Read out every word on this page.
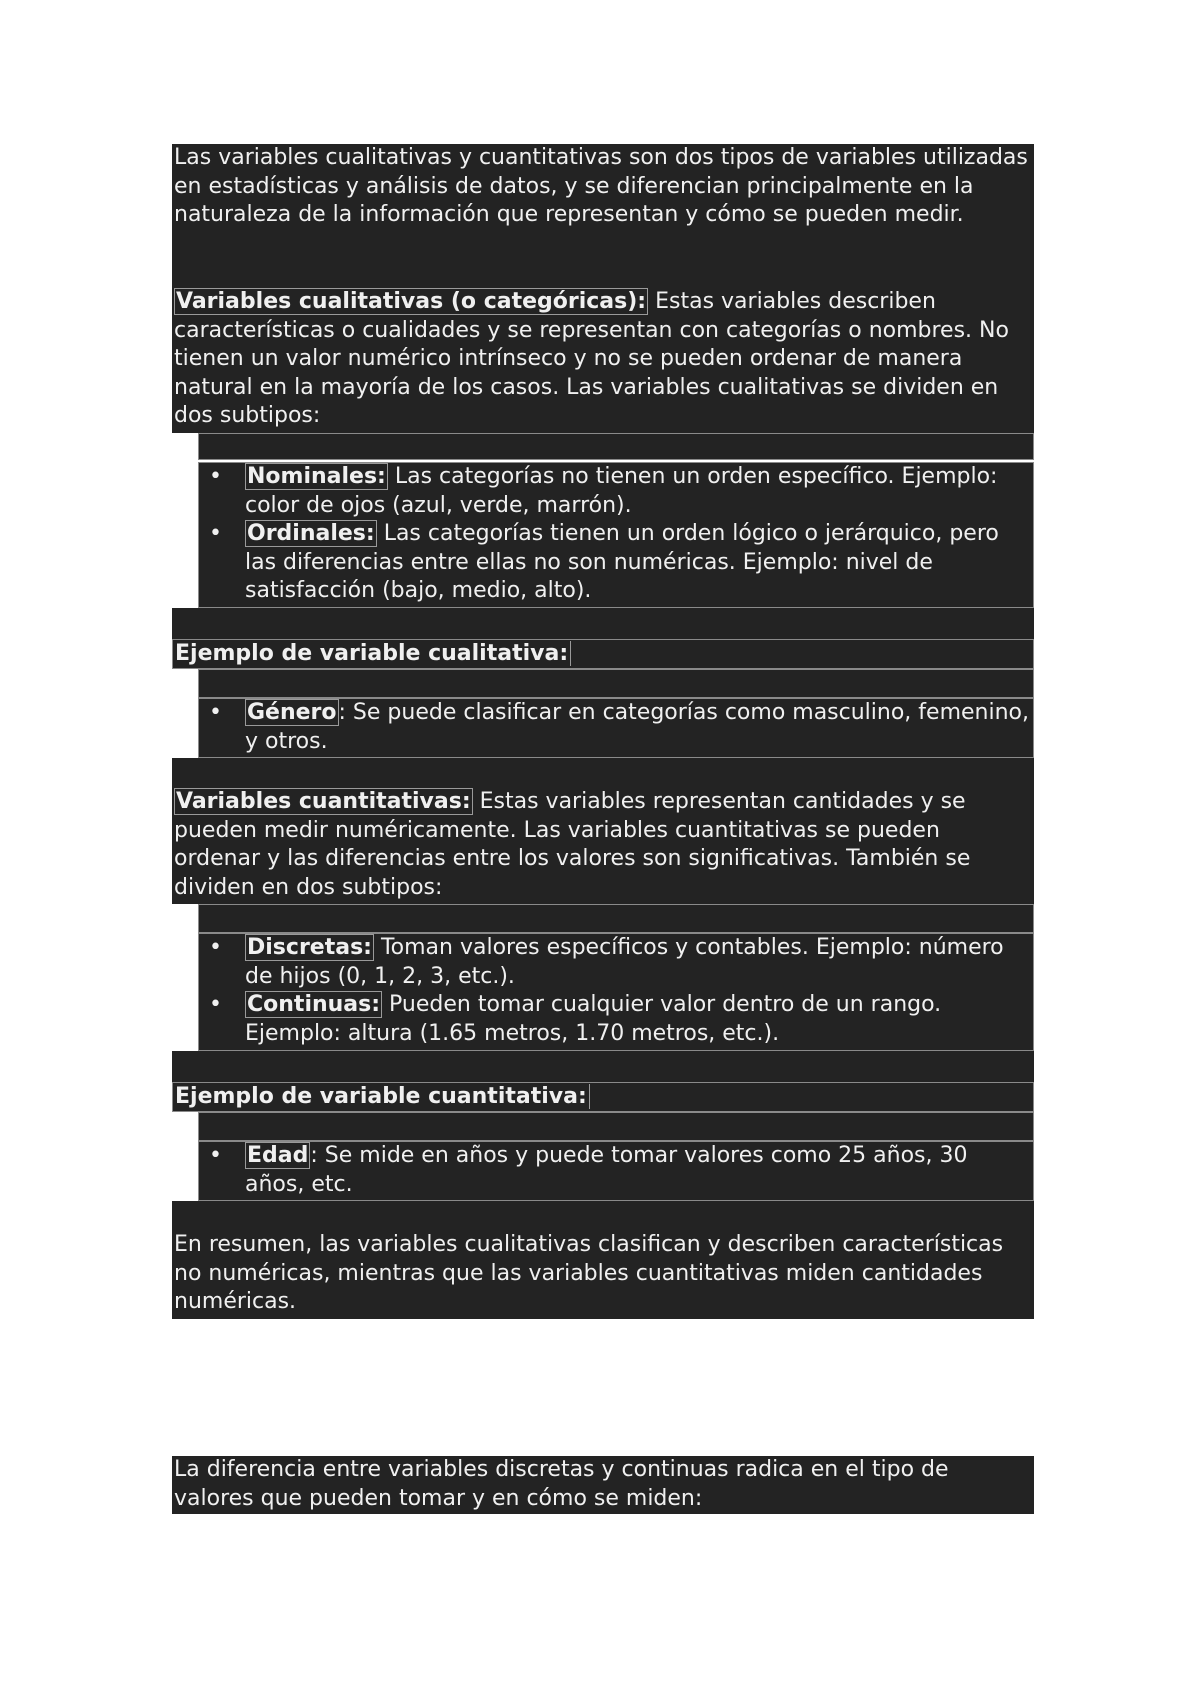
Las variables cualitativas y cuantitativas son dos tipos de variables utilizadas en estadísticas y análisis de datos, y se diferencian principalmente en la naturaleza de la información que representan y cómo se pueden medir.

Variables cualitativas (o categóricas): Estas variables describen características o cualidades y se representan con categorías o nombres. No tienen un valor numérico intrínseco y no se pueden ordenar de manera natural en la mayoría de los casos. Las variables cualitativas se dividen en dos subtipos:

• Nominales: Las categorías no tienen un orden específico. Ejemplo: color de ojos (azul, verde, marrón).
• Ordinales: Las categorías tienen un orden lógico o jerárquico, pero las diferencias entre ellas no son numéricas. Ejemplo: nivel de satisfacción (bajo, medio, alto).
Ejemplo de variable cualitativa:
• Género: Se puede clasificar en categorías como masculino, femenino, y otros.

Variables cuantitativas: Estas variables representan cantidades y se pueden medir numéricamente. Las variables cuantitativas se pueden ordenar y las diferencias entre los valores son significativas. También se dividen en dos subtipos:

• Discretas: Toman valores específicos y contables. Ejemplo: número de hijos (0, 1, 2, 3, etc.).
• Continuas: Pueden tomar cualquier valor dentro de un rango. Ejemplo: altura (1.65 metros, 1.70 metros, etc.).
Ejemplo de variable cuantitativa:
• Edad: Se mide en años y puede tomar valores como 25 años, 30 años, etc.

En resumen, las variables cualitativas clasifican y describen características no numéricas, mientras que las variables cuantitativas miden cantidades numéricas.

La diferencia entre variables discretas y continuas radica en el tipo de valores que pueden tomar y en cómo se miden:
